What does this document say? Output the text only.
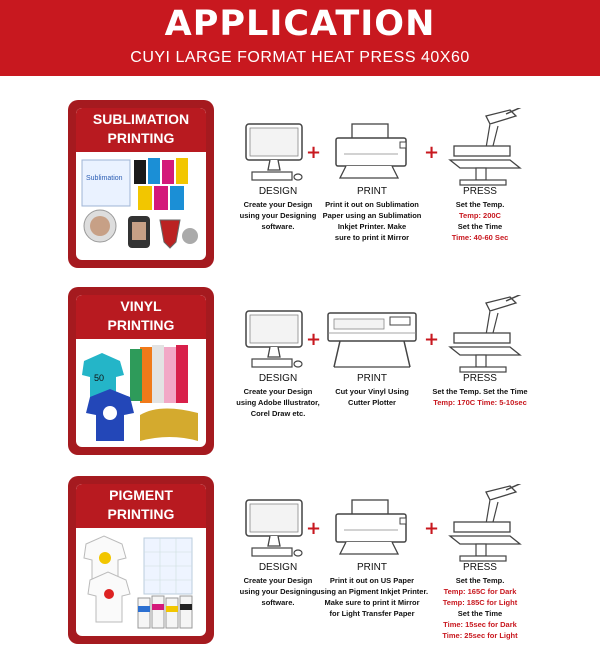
APPLICATION
CUYI LARGE FORMAT HEAT PRESS 40X60
SUBLIMATION
PRINTING
Sublimation
DESIGN
Create your Design
using your Designing
software.
+
PRINT
Print it out on Sublimation
Paper using an Sublimation
Inkjet Printer. Make
sure to print it Mirror
+
PRESS
Set the Temp.
Temp: 200C
Set the Time
Time: 40-60 Sec
VINYL
PRINTING
50	DESIGN
Create your Design
using Adobe Illustrator,
Corel Draw etc.
+
PRINT
Cut your Vinyl Using
Cutter Plotter
+
PRESS
Set the Temp. Set the Time
Temp: 170C Time: 5-10sec
PIGMENT
PRINTING
DESIGN
Create your Design
using your Designing
software.
+
PRINT
Print it out on US Paper
using an Pigment Inkjet Printer.
Make sure to print it Mirror
for Light Transfer Paper
+
PRESS
Set the Temp.
Temp: 165C for Dark
Temp: 185C for Light
Set the Time
Time: 15sec for Dark
Time: 25sec for Light
